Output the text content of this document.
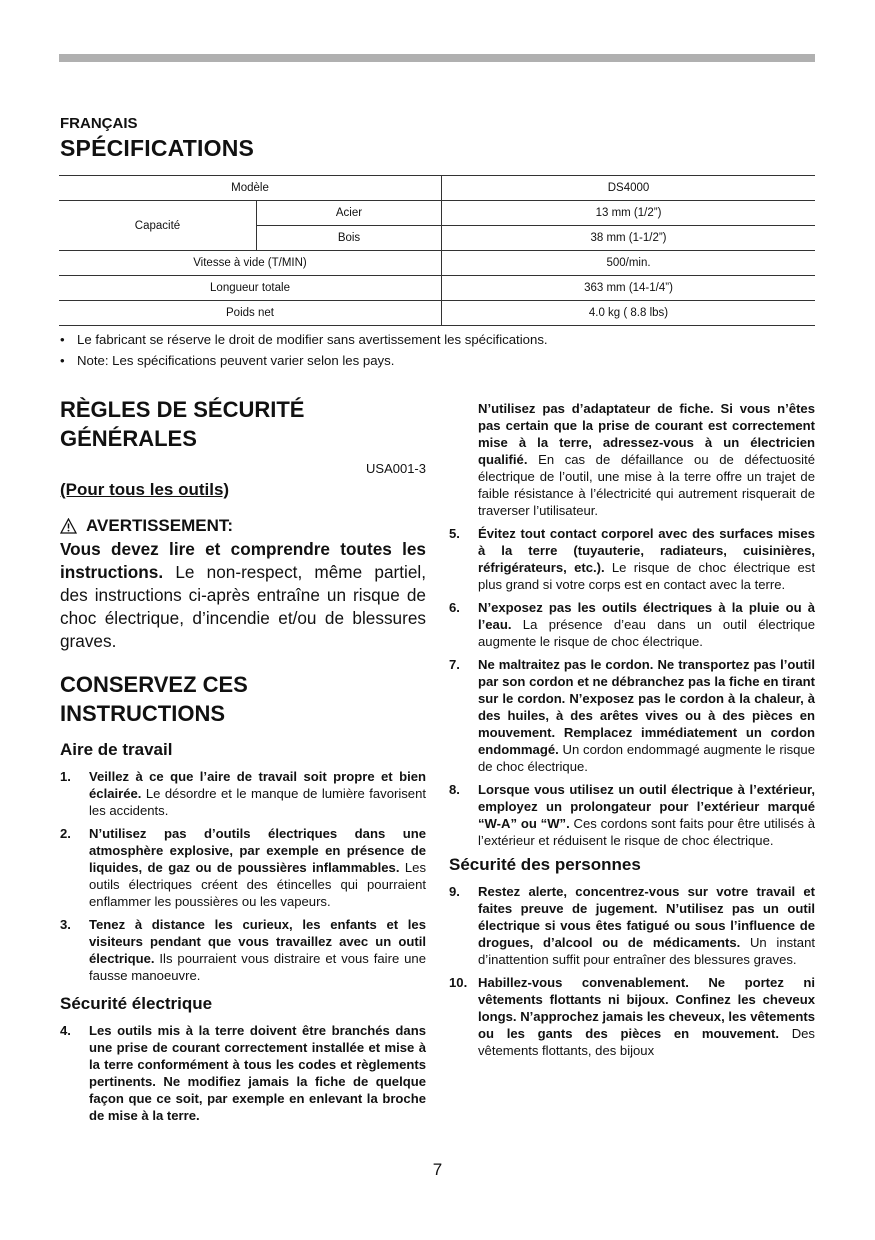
FRANÇAIS
SPÉCIFICATIONS
Modèle		DS4000
Capacité	Acier	13 mm (1/2”)
	Bois	38 mm (1-1/2”)
Vitesse à vide (T/MIN)		500/min.
Longueur totale		363 mm (14-1/4”)
Poids net		4.0 kg ( 8.8 lbs)
• Le fabricant se réserve le droit de modifier sans avertissement les spécifications.
• Note: Les spécifications peuvent varier selon les pays.
RÈGLES DE SÉCURITÉ
GÉNÉRALES
USA001-3
(Pour tous les outils)
AVERTISSEMENT:
Vous devez lire et comprendre toutes les instructions. Le non-respect, même partiel, des instructions ci-après entraîne un risque de choc électrique, d’incendie et/ou de blessures graves.
CONSERVEZ CES
INSTRUCTIONS
Aire de travail
1. Veillez à ce que l’aire de travail soit propre et bien éclairée. Le désordre et le manque de lumière favorisent les accidents.
2. N’utilisez pas d’outils électriques dans une atmosphère explosive, par exemple en présence de liquides, de gaz ou de poussières inflammables. Les outils électriques créent des étincelles qui pourraient enflammer les poussières ou les vapeurs.
3. Tenez à distance les curieux, les enfants et les visiteurs pendant que vous travaillez avec un outil électrique. Ils pourraient vous distraire et vous faire une fausse manoeuvre.
Sécurité électrique
4. Les outils mis à la terre doivent être branchés dans une prise de courant correctement installée et mise à la terre conformément à tous les codes et règlements pertinents. Ne modifiez jamais la fiche de quelque façon que ce soit, par exemple en enlevant la broche de mise à la terre.
N’utilisez pas d’adaptateur de fiche. Si vous n’êtes pas certain que la prise de courant est correctement mise à la terre, adressez-vous à un électricien qualifié. En cas de défaillance ou de défectuosité électrique de l’outil, une mise à la terre offre un trajet de faible résistance à l’électricité qui autrement risquerait de traverser l’utilisateur.
5. Évitez tout contact corporel avec des surfaces mises à la terre (tuyauterie, radiateurs, cuisinières, réfrigérateurs, etc.). Le risque de choc électrique est plus grand si votre corps est en contact avec la terre.
6. N’exposez pas les outils électriques à la pluie ou à l’eau. La présence d’eau dans un outil électrique augmente le risque de choc électrique.
7. Ne maltraitez pas le cordon. Ne transportez pas l’outil par son cordon et ne débranchez pas la fiche en tirant sur le cordon. N’exposez pas le cordon à la chaleur, à des huiles, à des arêtes vives ou à des pièces en mouvement. Remplacez immédiatement un cordon endommagé. Un cordon endommagé augmente le risque de choc électrique.
8. Lorsque vous utilisez un outil électrique à l’extérieur, employez un prolongateur pour l’extérieur marqué “W-A” ou “W”. Ces cordons sont faits pour être utilisés à l’extérieur et réduisent le risque de choc électrique.
Sécurité des personnes
9. Restez alerte, concentrez-vous sur votre travail et faites preuve de jugement. N’utilisez pas un outil électrique si vous êtes fatigué ou sous l’influence de drogues, d’alcool ou de médicaments. Un instant d’inattention suffit pour entraîner des blessures graves.
10. Habillez-vous convenablement. Ne portez ni vêtements flottants ni bijoux. Confinez les cheveux longs. N’approchez jamais les cheveux, les vêtements ou les gants des pièces en mouvement. Des vêtements flottants, des bijoux
7
